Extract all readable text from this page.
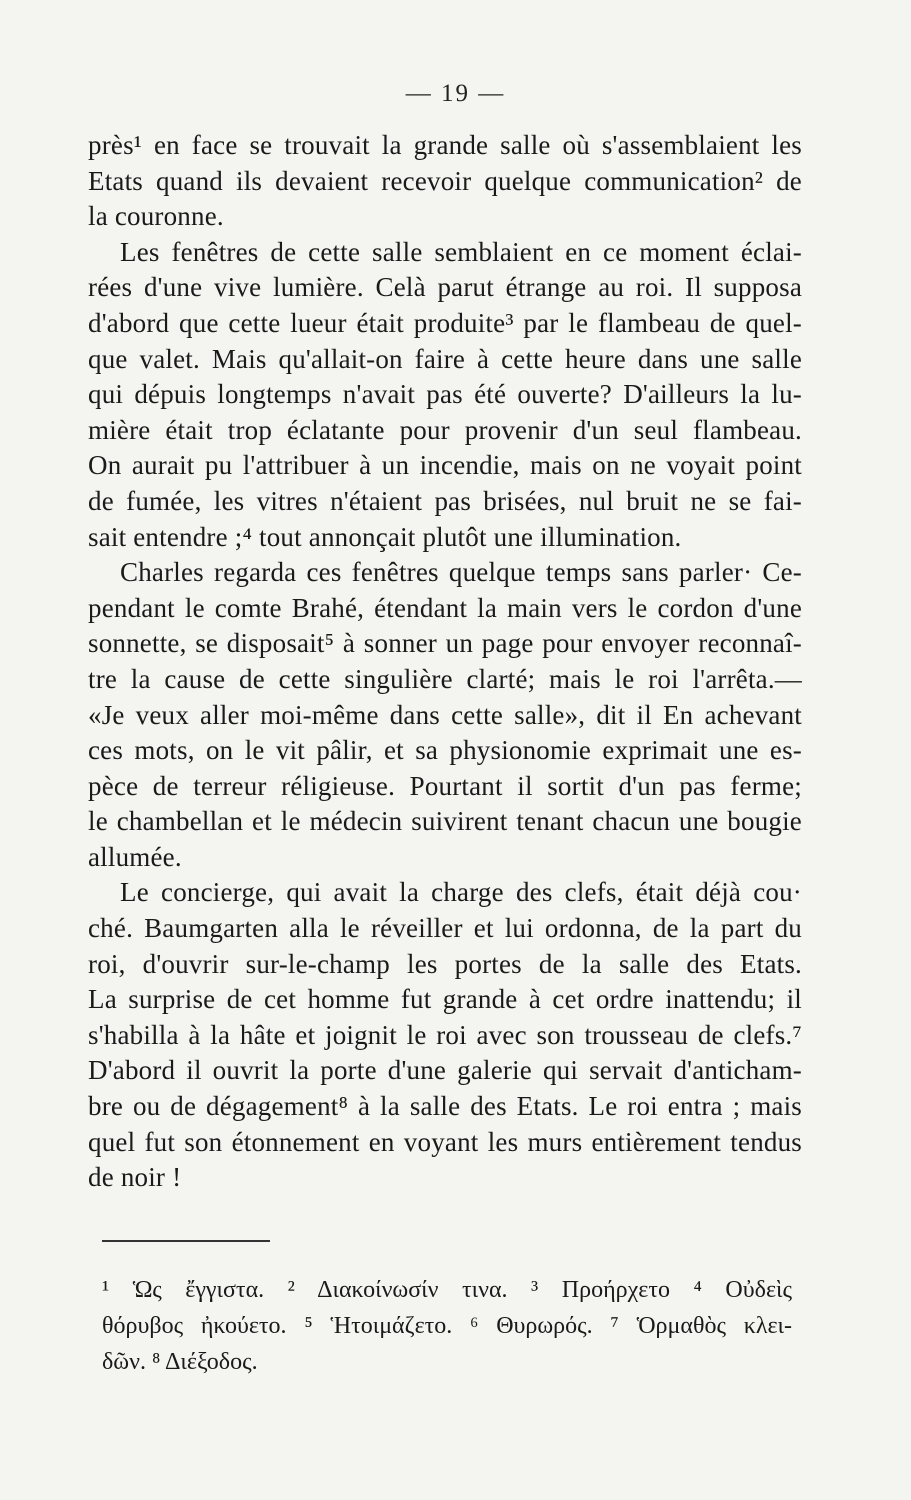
— 19 —
près¹ en face se trouvait la grande salle où s'assemblaient les
Etats quand ils devaient recevoir quelque communication² de
la couronne.
Les fenêtres de cette salle semblaient en ce moment éclai-
rées d'une vive lumière. Celà parut étrange au roi. Il supposa
d'abord que cette lueur était produite³ par le flambeau de quel-
que valet. Mais qu'allait-on faire à cette heure dans une salle
qui dépuis longtemps n'avait pas été ouverte? D'ailleurs la lu-
mière était trop éclatante pour provenir d'un seul flambeau.
On aurait pu l'attribuer à un incendie, mais on ne voyait point
de fumée, les vitres n'étaient pas brisées, nul bruit ne se fai-
sait entendre ;⁴ tout annonçait plutôt une illumination.
Charles regarda ces fenêtres quelque temps sans parler· Ce-
pendant le comte Brahé, étendant la main vers le cordon d'une
sonnette, se disposait⁵ à sonner un page pour envoyer reconnaî-
tre la cause de cette singulière clarté; mais le roi l'arrêta.—
«Je veux aller moi-même dans cette salle», dit il En achevant
ces mots, on le vit pâlir, et sa physionomie exprimait une es-
pèce de terreur réligieuse. Pourtant il sortit d'un pas ferme;
le chambellan et le médecin suivirent tenant chacun une bougie
allumée.
Le concierge, qui avait la charge des clefs, était déjà cou·
ché. Baumgarten alla le réveiller et lui ordonna, de la part du
roi, d'ouvrir sur-le-champ les portes de la salle des Etats.
La surprise de cet homme fut grande à cet ordre inattendu; il
s'habilla à la hâte et joignit le roi avec son trousseau de clefs.⁷
D'abord il ouvrit la porte d'une galerie qui servait d'anticham-
bre ou de dégagement⁸ à la salle des Etats. Le roi entra ; mais
quel fut son étonnement en voyant les murs entièrement tendus
de noir !
¹ Ὡς ἔγγιστα. ² Διακοίνωσίν τινα. ³ Προήρχετο ⁴ Οὐδεὶς
θόρυβος ἠκούετο. ⁵ Ἡτοιμάζετο. ⁶ Θυρωρός. ⁷ Ὁρμαθὸς κλει-
δῶν. ⁸ Διέξοδος.
